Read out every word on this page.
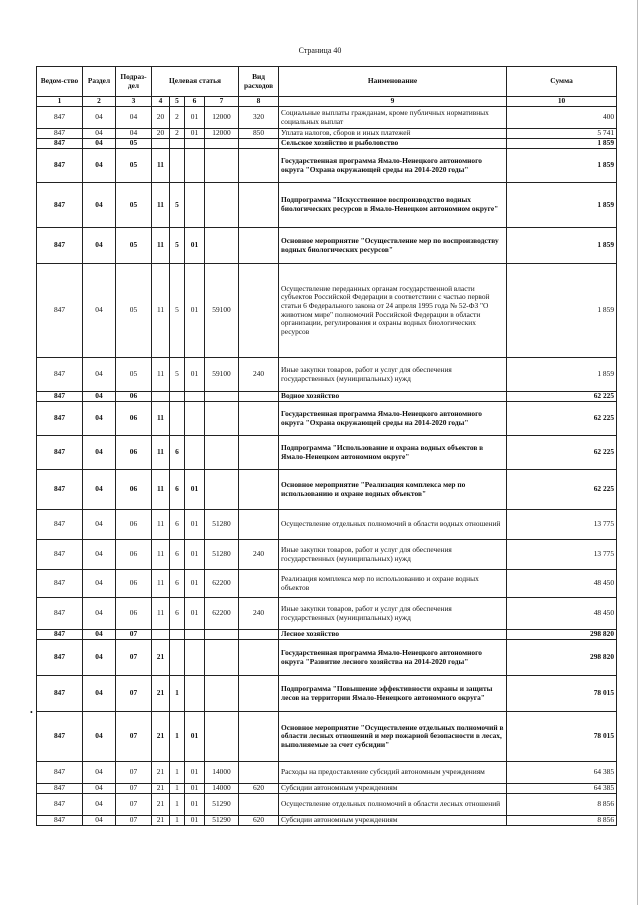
Страница 40
Ведом-ство	Раздел	Подраз-дел	Целевая статья				Вид расходов	Наименование	Сумма
1	2	3	4	5	6	7	8	9	10
847	04	04	20	2	01	12000	320	Социальные выплаты гражданам, кроме публичных нормативных социальных выплат	400
847	04	04	20	2	01	12000	850	Уплата налогов, сборов и иных платежей	5 741
847	04	05						Сельское хозяйство и рыболовство	1 859
847	04	05	11					Государственная программа Ямало-Ненецкого автономного округа "Охрана окружающей среды на 2014-2020 годы"	1 859
847	04	05	11	5				Подпрограмма "Искусственное воспроизводство водных биологических ресурсов в Ямало-Ненецком автономном округе"	1 859
847	04	05	11	5	01			Основное мероприятие "Осуществление мер по воспроизводству водных биологических ресурсов"	1 859
847	04	05	11	5	01	59100		Осуществление переданных органам государственной власти субъектов Российской Федерации в соответствии с частью первой статьи 6 Федерального закона от 24 апреля 1995 года № 52-ФЗ "О животном мире" полномочий Российской Федерации в области организации, регулирования и охраны водных биологических ресурсов	1 859
847	04	05	11	5	01	59100	240	Иные закупки товаров, работ и услуг для обеспечения государственных (муниципальных) нужд	1 859
847	04	06						Водное хозяйство	62 225
847	04	06	11					Государственная программа Ямало-Ненецкого автономного округа "Охрана окружающей среды на 2014-2020 годы"	62 225
847	04	06	11	6				Подпрограмма "Использование и охрана водных объектов в Ямало-Ненецком автономном округе"	62 225
847	04	06	11	6	01			Основное мероприятие "Реализация комплекса мер по использованию и охране водных объектов"	62 225
847	04	06	11	6	01	51280		Осуществление отдельных полномочий в области водных отношений	13 775
847	04	06	11	6	01	51280	240	Иные закупки товаров, работ и услуг для обеспечения государственных (муниципальных) нужд	13 775
847	04	06	11	6	01	62200		Реализация комплекса мер по использованию и охране водных объектов	48 450
847	04	06	11	6	01	62200	240	Иные закупки товаров, работ и услуг для обеспечения государственных (муниципальных) нужд	48 450
847	04	07						Лесное хозяйство	298 820
847	04	07	21					Государственная программа Ямало-Ненецкого автономного округа "Развитие лесного хозяйства на 2014-2020 годы"	298 820
847	04	07	21	1				Подпрограмма "Повышение эффективности охраны и защиты лесов на территории Ямало-Ненецкого автономного округа"	78 015
847	04	07	21	1	01			Основное мероприятие "Осуществление отдельных полномочий в области лесных отношений и мер пожарной безопасности в лесах, выполняемые за счет субсидии"	78 015
847	04	07	21	1	01	14000		Расходы на предоставление субсидий автономным учреждениям	64 385
847	04	07	21	1	01	14000	620	Субсидии автономным учреждениям	64 385
847	04	07	21	1	01	51290		Осуществление отдельных полномочий в области лесных отношений	8 856
847	04	07	21	1	01	51290	620	Субсидии автономным учреждениям	8 856
•
